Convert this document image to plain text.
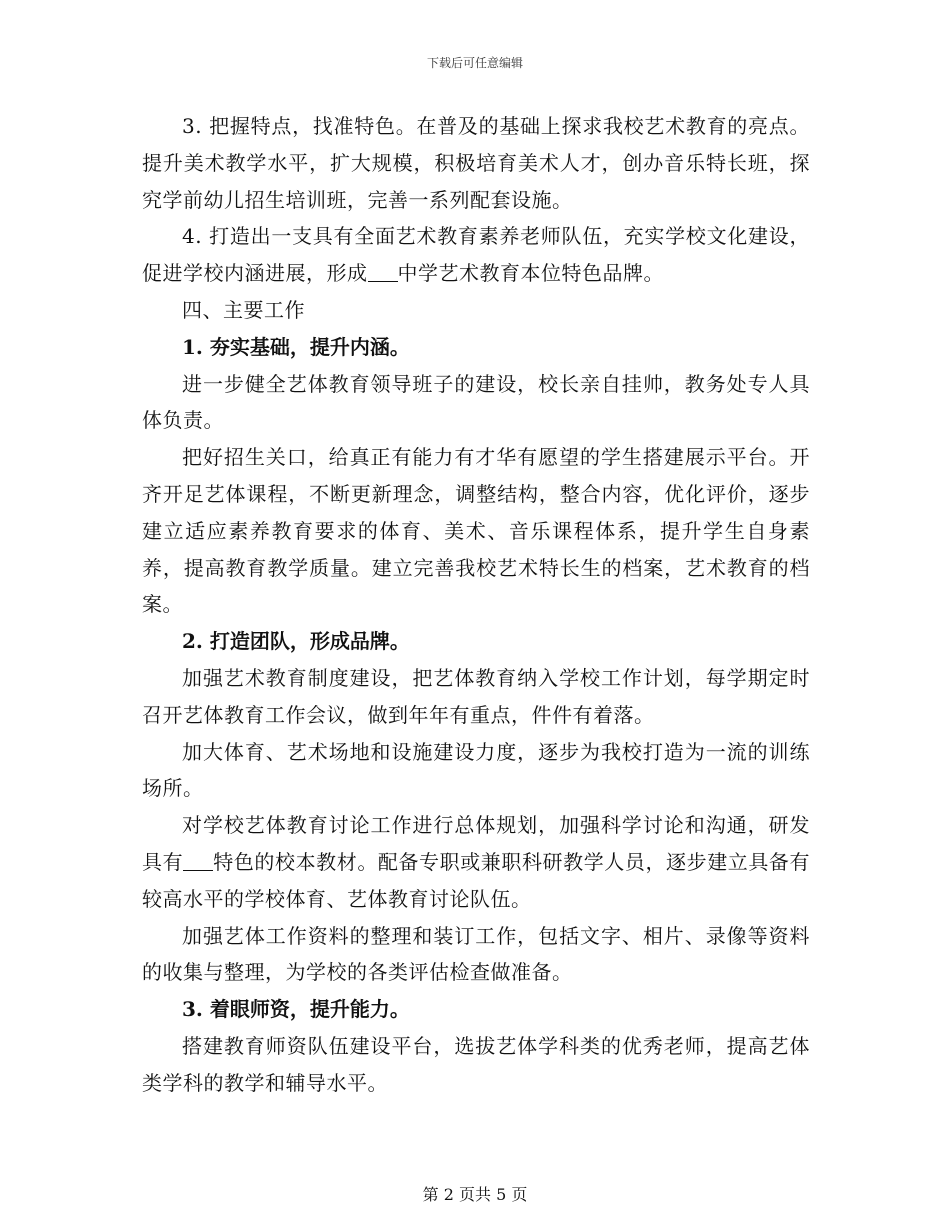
下载后可任意编辑

3. 把握特点，找准特色。在普及的基础上探求我校艺术教育的亮点。提升美术教学水平，扩大规模，积极培育美术人才，创办音乐特长班，探究学前幼儿招生培训班，完善一系列配套设施。

4. 打造出一支具有全面艺术教育素养老师队伍，充实学校文化建设，促进学校内涵进展，形成 中学艺术教育本位特色品牌。

四、主要工作

1. 夯实基础，提升内涵。

进一步健全艺体教育领导班子的建设，校长亲自挂帅，教务处专人具体负责。

把好招生关口，给真正有能力有才华有愿望的学生搭建展示平台。开齐开足艺体课程，不断更新理念，调整结构，整合内容，优化评价，逐步建立适应素养教育要求的体育、美术、音乐课程体系，提升学生自身素养，提高教育教学质量。建立完善我校艺术特长生的档案，艺术教育的档案。

2. 打造团队，形成品牌。

加强艺术教育制度建设，把艺体教育纳入学校工作计划，每学期定时召开艺体教育工作会议，做到年年有重点，件件有着落。

加大体育、艺术场地和设施建设力度，逐步为我校打造为一流的训练场所。

对学校艺体教育讨论工作进行总体规划，加强科学讨论和沟通，研发具有 特色的校本教材。配备专职或兼职科研教学人员，逐步建立具备有较高水平的学校体育、艺体教育讨论队伍。

加强艺体工作资料的整理和装订工作，包括文字、相片、录像等资料的收集与整理，为学校的各类评估检查做准备。

3. 着眼师资，提升能力。

搭建教育师资队伍建设平台，选拔艺体学科类的优秀老师，提高艺体类学科的教学和辅导水平。

第 2 页共 5 页
